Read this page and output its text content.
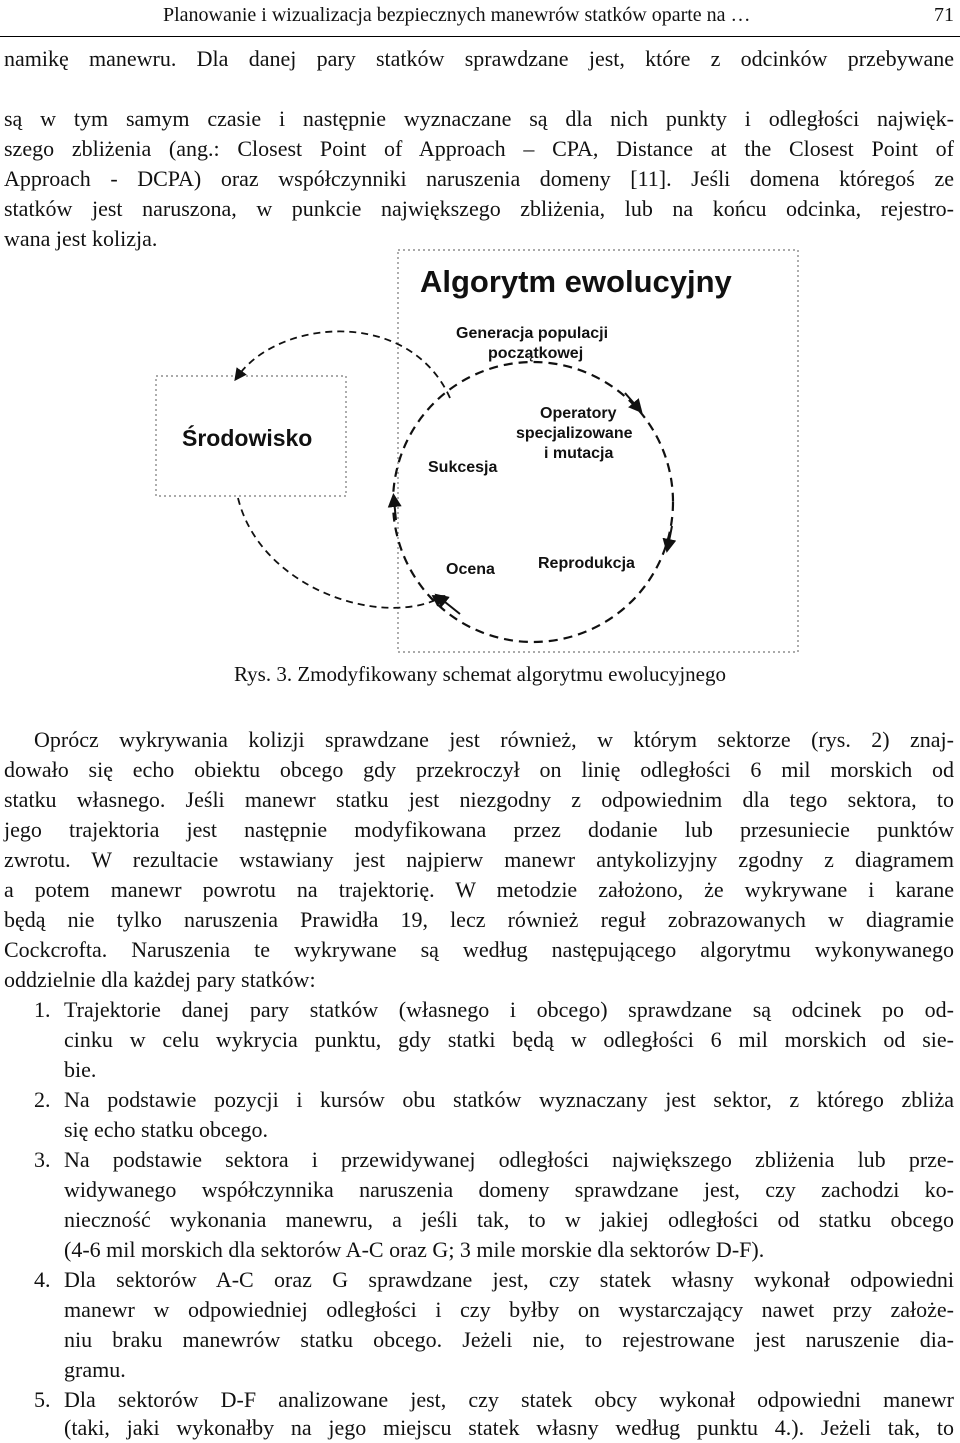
Planowanie i wizualizacja bezpiecznych manewrów statków oparte na …	71
namikę manewru. Dla danej pary statków sprawdzane jest, które z odcinków przebywane
są w tym samym czasie i następnie wyznaczane są dla nich punkty i odległości najwięk-
szego zbliżenia (ang.: Closest Point of Approach – CPA, Distance at the Closest Point of
Approach - DCPA) oraz współczynniki naruszenia domeny [11]. Jeśli domena któregoś ze
statków jest naruszona, w punkcie największego zbliżenia, lub na końcu odcinka, rejestro-
wana jest kolizja.
Algorytm ewolucyjny
Generacja populacji
początkowej
Środowisko
Operatory
specjalizowane
i mutacja
Sukcesja
Ocena	Reprodukcja
Rys. 3. Zmodyfikowany schemat algorytmu ewolucyjnego
Oprócz wykrywania kolizji sprawdzane jest również, w którym sektorze (rys. 2) znaj-
dowało się echo obiektu obcego gdy przekroczył on linię odległości 6 mil morskich od
statku własnego. Jeśli manewr statku jest niezgodny z odpowiednim dla tego sektora, to
jego trajektoria jest następnie modyfikowana przez dodanie lub przesuniecie punktów
zwrotu. W rezultacie wstawiany jest najpierw manewr antykolizyjny zgodny z diagramem
a potem manewr powrotu na trajektorię. W metodzie założono, że wykrywane i karane
będą nie tylko naruszenia Prawidła 19, lecz również reguł zobrazowanych w diagramie
Cockcrofta. Naruszenia te wykrywane są według następującego algorytmu wykonywanego
oddzielnie dla każdej pary statków:
1. Trajektorie danej pary statków (własnego i obcego) sprawdzane są odcinek po od-
cinku w celu wykrycia punktu, gdy statki będą w odległości 6 mil morskich od sie-
bie.
2. Na podstawie pozycji i kursów obu statków wyznaczany jest sektor, z którego zbliża
się echo statku obcego.
3. Na podstawie sektora i przewidywanej odległości największego zbliżenia lub prze-
widywanego współczynnika naruszenia domeny sprawdzane jest, czy zachodzi ko-
nieczność wykonania manewru, a jeśli tak, to w jakiej odległości od statku obcego
(4-6 mil morskich dla sektorów A-C oraz G; 3 mile morskie dla sektorów D-F).
4. Dla sektorów A-C oraz G sprawdzane jest, czy statek własny wykonał odpowiedni
manewr w odpowiedniej odległości i czy byłby on wystarczający nawet przy założe-
niu braku manewrów statku obcego. Jeżeli nie, to rejestrowane jest naruszenie dia-
gramu.
5. Dla sektorów D-F analizowane jest, czy statek obcy wykonał odpowiedni manewr
(taki, jaki wykonałby na jego miejscu statek własny według punktu 4.). Jeżeli tak, to
